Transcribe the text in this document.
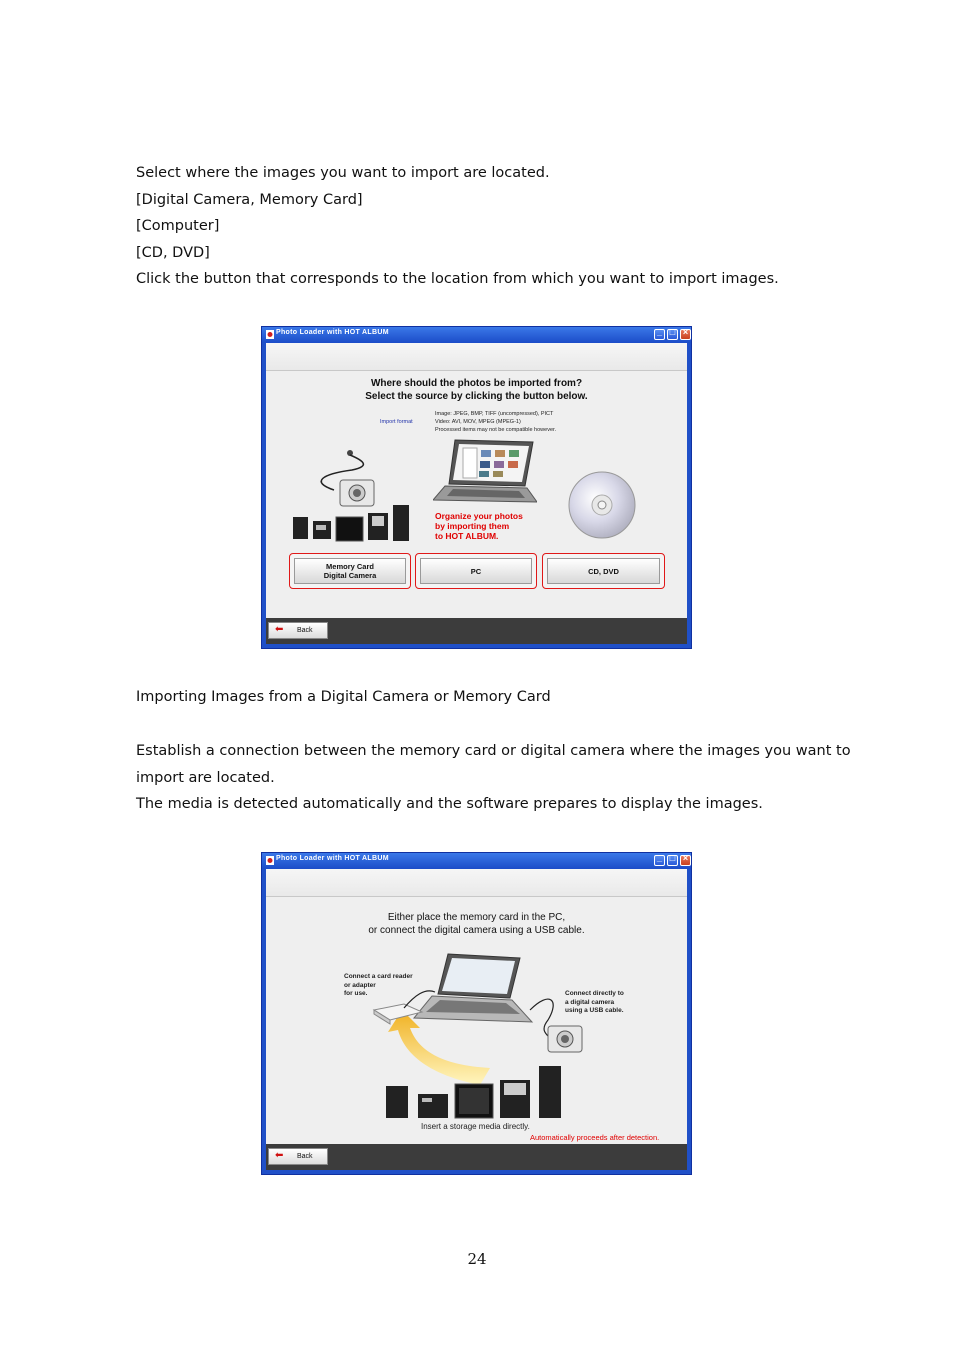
Select where the images you want to import are located.

[Digital Camera, Memory Card]

[Computer]

[CD, DVD]

Click the button that corresponds to the location from which you want to import images.

Photo Loader with HOT ALBUM	_ □ ×
⬅ Back
Where should the photos be imported from?
Select the source by clicking the button below.
Import format
Image: JPEG, BMP, TIFF (uncompressed), PICT
Video: AVI, MOV, MPEG (MPEG-1)
Processed items may not be compatible however.
Organize your photos
by importing them
to HOT ALBUM.
Memory Card
Digital Camera	PC	CD, DVD
Importing Images from a Digital Camera or Memory Card

Establish a connection between the memory card or digital camera where the images you want to

import are located.

The media is detected automatically and the software prepares to display the images.

Photo Loader with HOT ALBUM	_ □ ×
⬅ Back
Either place the memory card in the PC,
or connect the digital camera using a USB cable.
Connect a card reader
or adapter
for use.	Connect directly to
a digital camera
using a USB cable.
Insert a storage media directly.
Automatically proceeds after detection.
24
